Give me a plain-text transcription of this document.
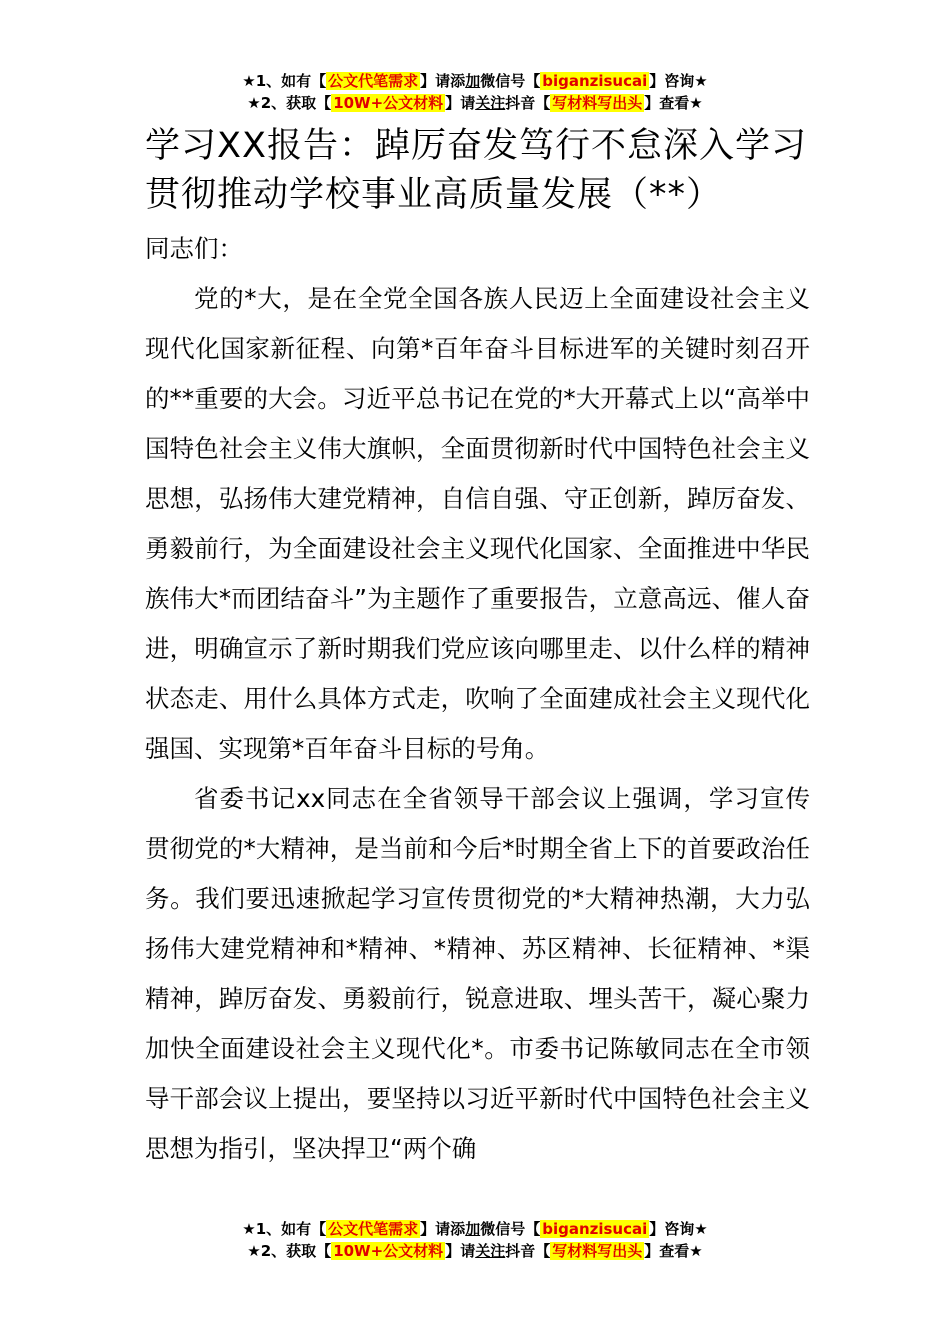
★1、如有【 公文代笔需求 】请添加微信号【 biganzisucai 】咨询★
★2、获取【 10W+公文材料 】请关注抖音【 写材料写出头 】查看★
学习XX报告：踔厉奋发笃行不怠深入学习贯彻推动学校事业高质量发展（**）

同志们：

党的*大，是在全党全国各族人民迈上全面建设社会主义现代化国家新征程、向第*百年奋斗目标进军的关键时刻召开的**重要的大会。习近平总书记在党的*大开幕式上以“高举中国特色社会主义伟大旗帜，全面贯彻新时代中国特色社会主义思想，弘扬伟大建党精神，自信自强、守正创新，踔厉奋发、勇毅前行，为全面建设社会主义现代化国家、全面推进中华民族伟大*而团结奋斗”为主题作了重要报告，立意高远、催人奋进，明确宣示了新时期我们党应该向哪里走、以什么样的精神状态走、用什么具体方式走，吹响了全面建成社会主义现代化强国、实现第*百年奋斗目标的号角。

省委书记xx同志在全省领导干部会议上强调，学习宣传贯彻党的*大精神，是当前和今后*时期全省上下的首要政治任务。我们要迅速掀起学习宣传贯彻党的*大精神热潮，大力弘扬伟大建党精神和*精神、*精神、苏区精神、长征精神、*渠精神，踔厉奋发、勇毅前行，锐意进取、埋头苦干，凝心聚力加快全面建设社会主义现代化*。市委书记陈敏同志在全市领导干部会议上提出，要坚持以习近平新时代中国特色社会主义思想为指引，坚决捍卫“两个确

★1、如有【 公文代笔需求 】请添加微信号【 biganzisucai 】咨询★
★2、获取【 10W+公文材料 】请关注抖音【 写材料写出头 】查看★
